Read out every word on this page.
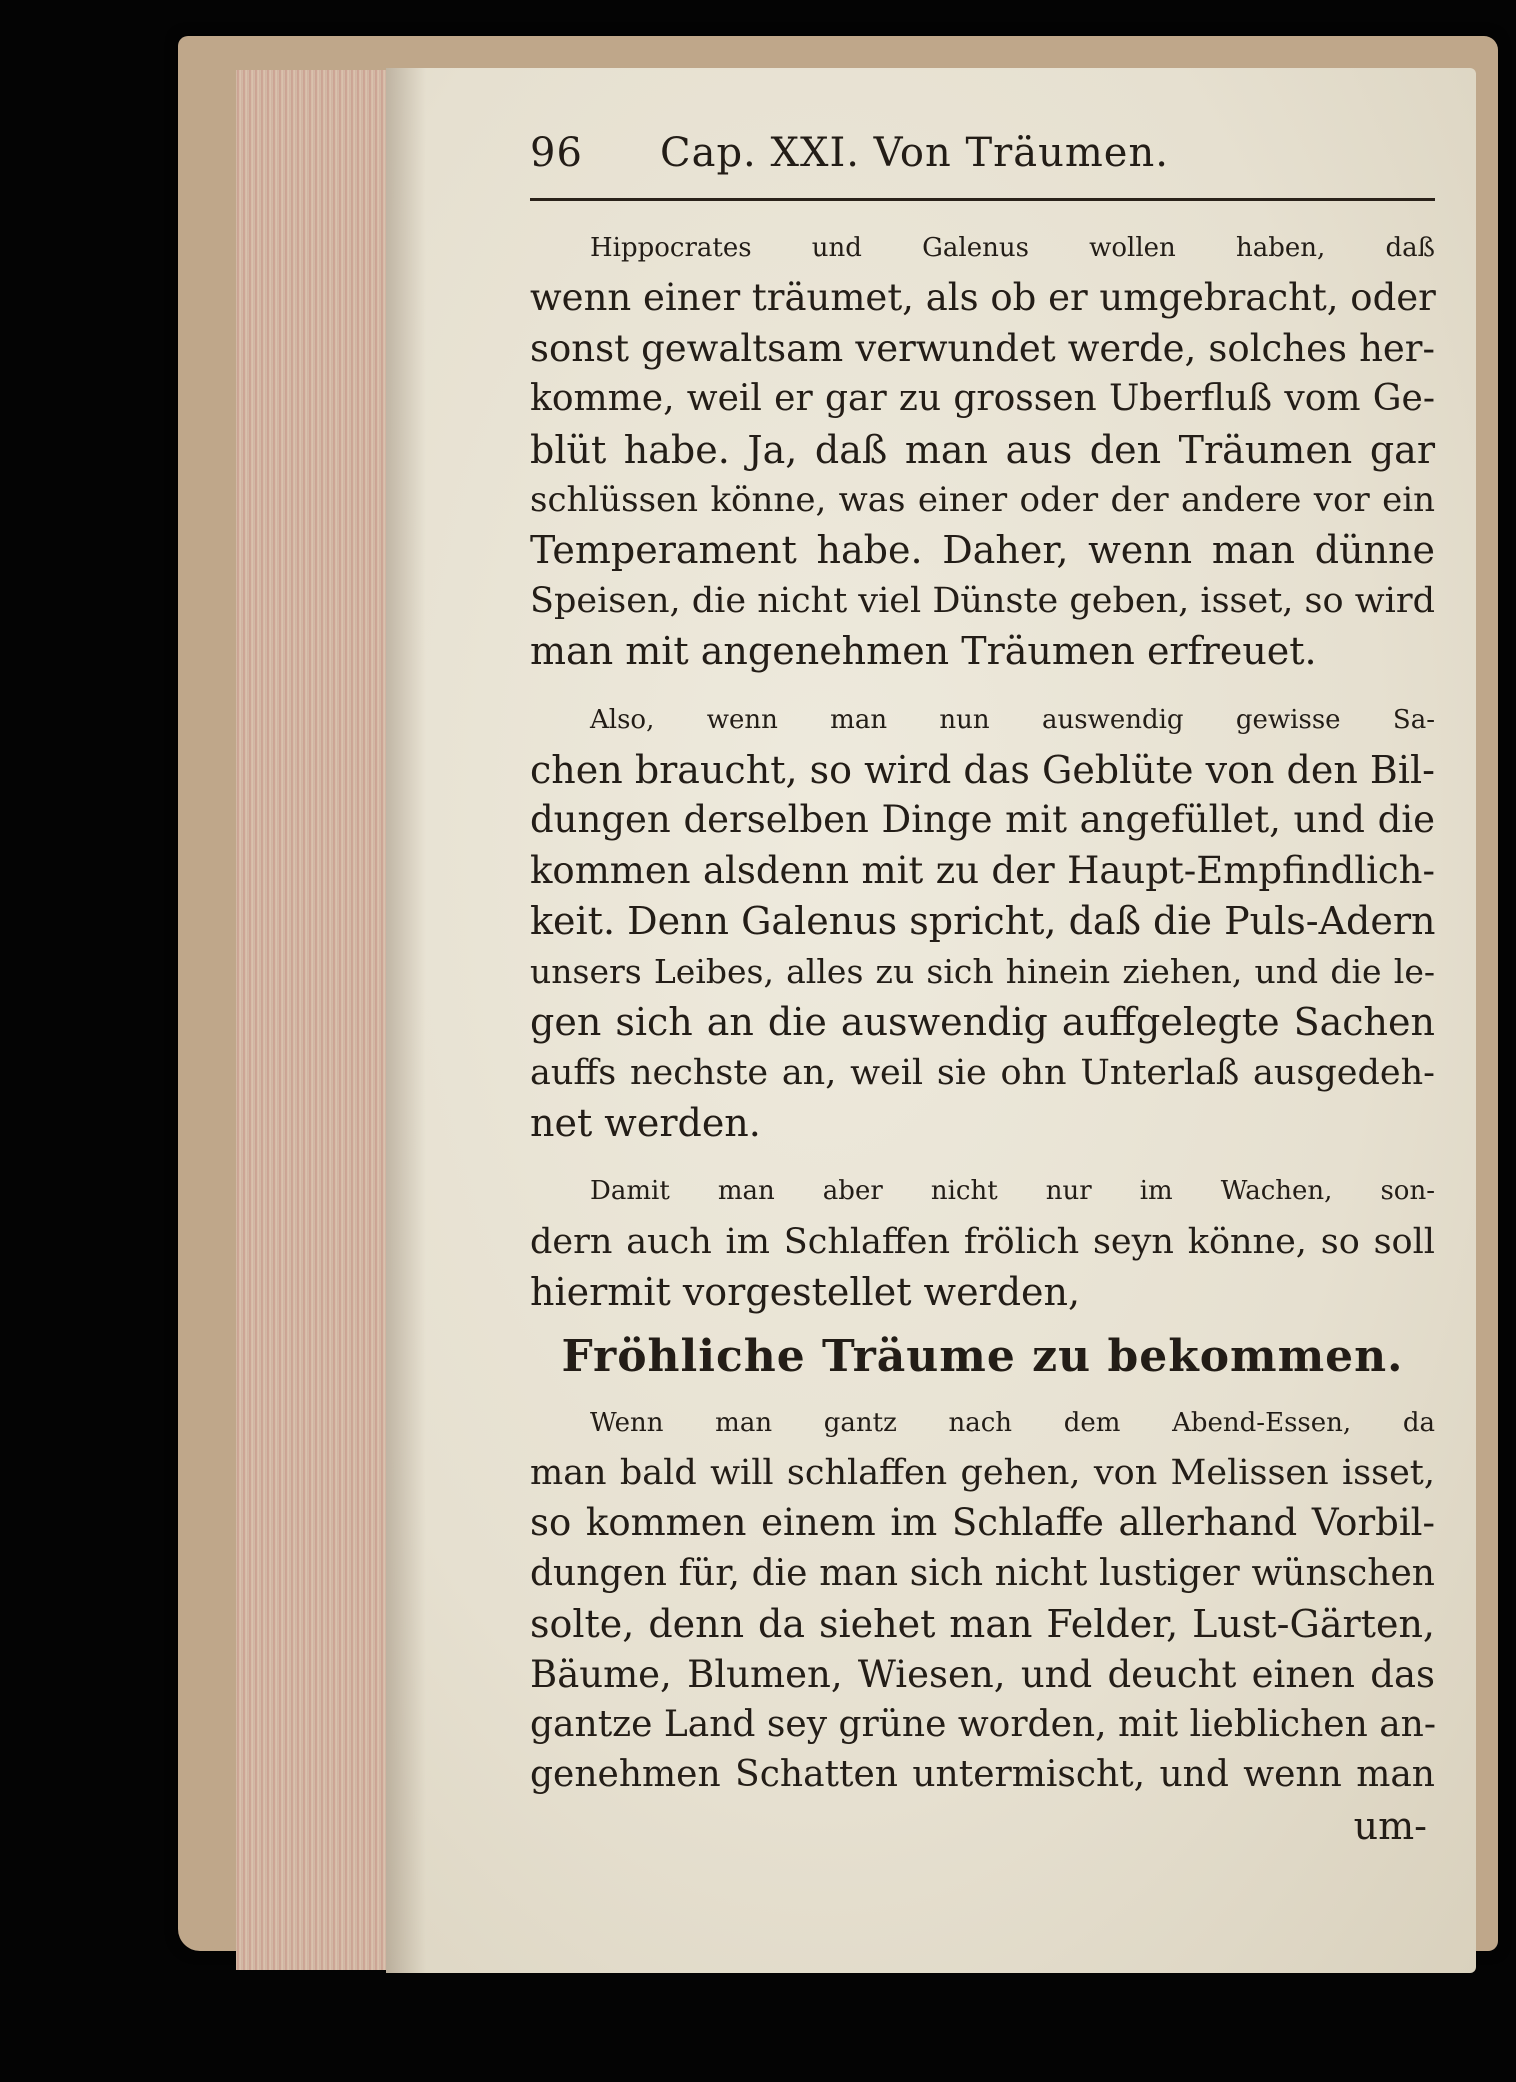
96	Cap. XXI. Von Träumen.

Hippocrates und Galenus wollen haben, daß
wenn einer träumet, als ob er umgebracht, oder
sonst gewaltsam verwundet werde, solches her-
komme, weil er gar zu grossen Uberfluß vom Ge-
blüt habe. Ja, daß man aus den Träumen gar
schlüssen könne, was einer oder der andere vor ein
Temperament habe. Daher, wenn man dünne
Speisen, die nicht viel Dünste geben, isset, so wird
man mit angenehmen Träumen erfreuet.

Also, wenn man nun auswendig gewisse Sa-
chen braucht, so wird das Geblüte von den Bil-
dungen derselben Dinge mit angefüllet, und die
kommen alsdenn mit zu der Haupt-Empfindlich-
keit. Denn Galenus spricht, daß die Puls-Adern
unsers Leibes, alles zu sich hinein ziehen, und die le-
gen sich an die auswendig auffgelegte Sachen
auffs nechste an, weil sie ohn Unterlaß ausgedeh-
net werden.

Damit man aber nicht nur im Wachen, son-
dern auch im Schlaffen frölich seyn könne, so soll
hiermit vorgestellet werden,

Fröhliche Träume zu bekommen.

Wenn man gantz nach dem Abend-Essen, da
man bald will schlaffen gehen, von Melissen isset,
so kommen einem im Schlaffe allerhand Vorbil-
dungen für, die man sich nicht lustiger wünschen
solte, denn da siehet man Felder, Lust-Gärten,
Bäume, Blumen, Wiesen, und deucht einen das
gantze Land sey grüne worden, mit lieblichen an-
genehmen Schatten untermischt, und wenn man

um-
